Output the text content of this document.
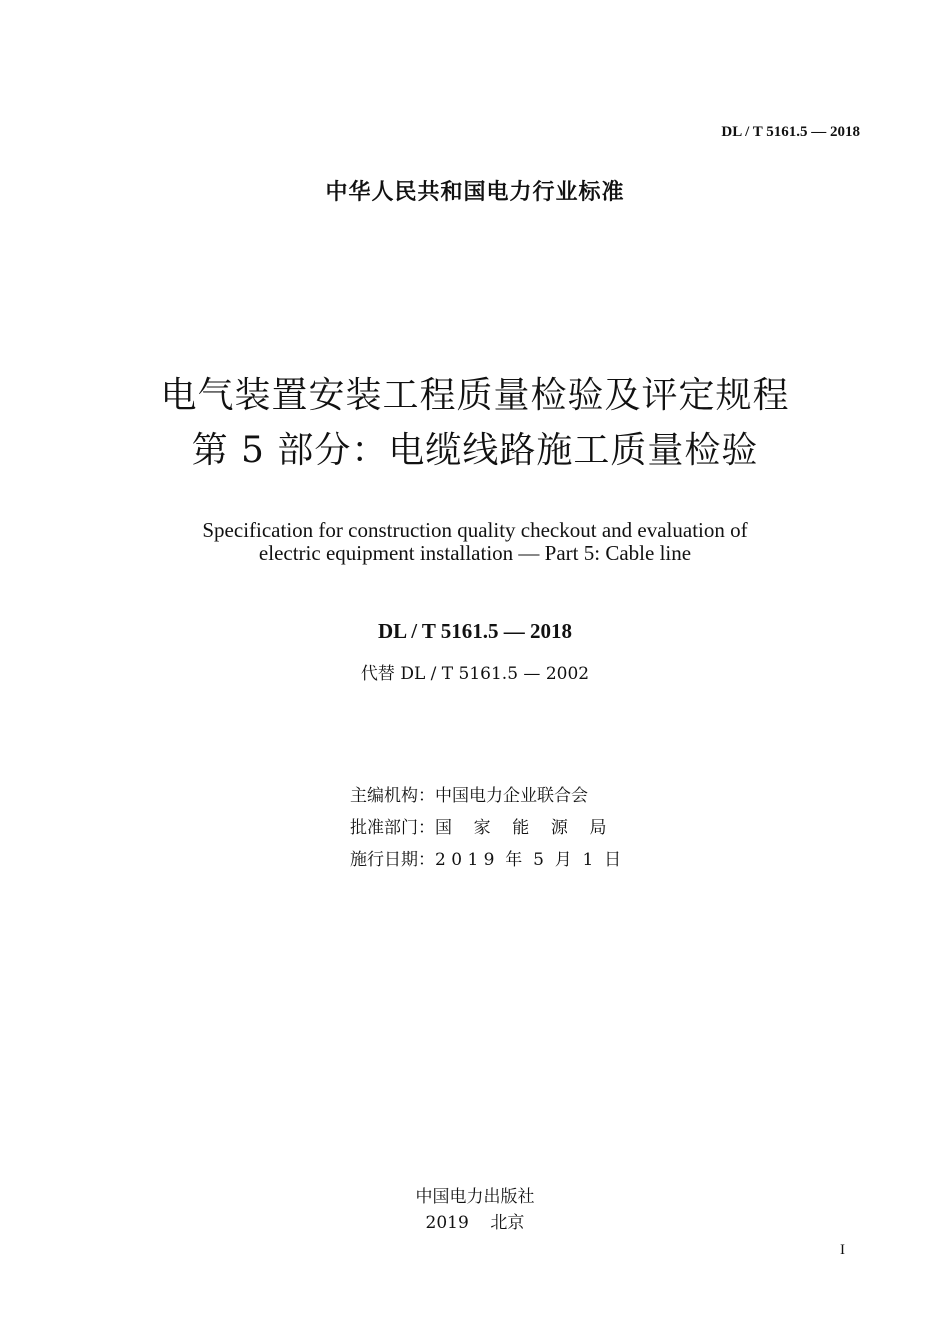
DL / T 5161.5 — 2018
中华人民共和国电力行业标准
电气装置安装工程质量检验及评定规程
第 5 部分：电缆线路施工质量检验
Specification for construction quality checkout and evaluation of
electric equipment installation — Part 5: Cable line
DL / T 5161.5 — 2018
代替 DL / T 5161.5 — 2002
主编机构：中国电力企业联合会
批准部门：国    家    能    源    局
施行日期：2 0 1 9  年  5  月  1  日
中国电力出版社
2019    北京
I
